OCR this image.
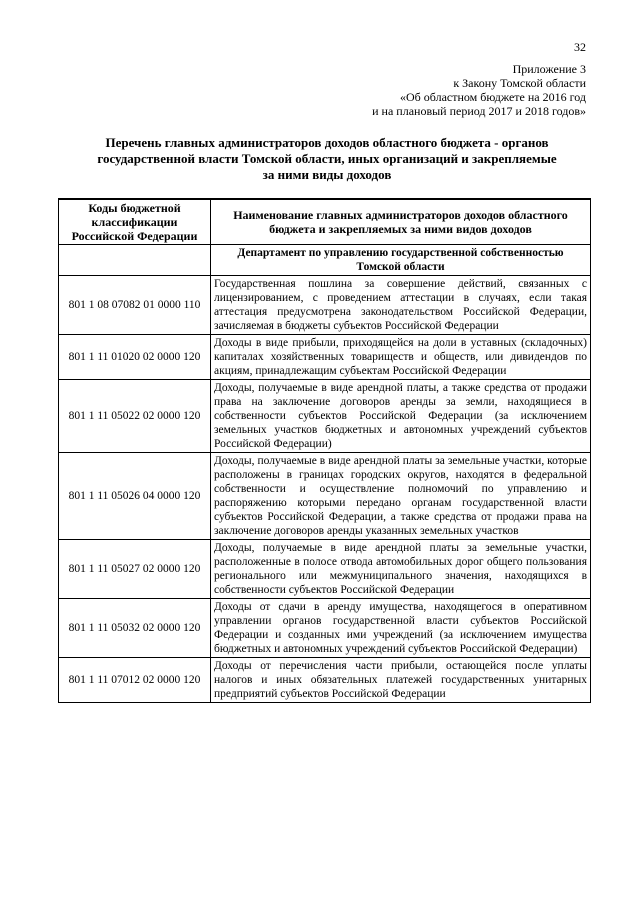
32
Приложение 3
к Закону Томской области
«Об областном бюджете на 2016 год
и на плановый период 2017 и 2018 годов»
Перечень главных администраторов доходов областного бюджета - органов
государственной власти Томской области, иных организаций и закрепляемые
за ними виды доходов
Коды бюджетной классификации Российской Федерации	Наименование главных администраторов доходов областного бюджета и закрепляемых за ними видов доходов
	Департамент по управлению государственной собственностью Томской области
801 1 08 07082 01 0000 110	Государственная пошлина за совершение действий, связанных с лицензированием, с проведением аттестации в случаях, если такая аттестация предусмотрена законодательством Российской Федерации, зачисляемая в бюджеты субъектов Российской Федерации
801 1 11 01020 02 0000 120	Доходы в виде прибыли, приходящейся на доли в уставных (складочных) капиталах хозяйственных товариществ и обществ, или дивидендов по акциям, принадлежащим субъектам Российской Федерации
801 1 11 05022 02 0000 120	Доходы, получаемые в виде арендной платы, а также средства от продажи права на заключение договоров аренды за земли, находящиеся в собственности субъектов Российской Федерации (за исключением земельных участков бюджетных и автономных учреждений субъектов Российской Федерации)
801 1 11 05026 04 0000 120	Доходы, получаемые в виде арендной платы за земельные участки, которые расположены в границах городских округов, находятся в федеральной собственности и осуществление полномочий по управлению и распоряжению которыми передано органам государственной власти субъектов Российской Федерации, а также средства от продажи права на заключение договоров аренды указанных земельных участков
801 1 11 05027 02 0000 120	Доходы, получаемые в виде арендной платы за земельные участки, расположенные в полосе отвода автомобильных дорог общего пользования регионального или межмуниципального значения, находящихся в собственности субъектов Российской Федерации
801 1 11 05032 02 0000 120	Доходы от сдачи в аренду имущества, находящегося в оперативном управлении органов государственной власти субъектов Российской Федерации и созданных ими учреждений (за исключением имущества бюджетных и автономных учреждений субъектов Российской Федерации)
801 1 11 07012 02 0000 120	Доходы от перечисления части прибыли, остающейся после уплаты налогов и иных обязательных платежей государственных унитарных предприятий субъектов Российской Федерации
